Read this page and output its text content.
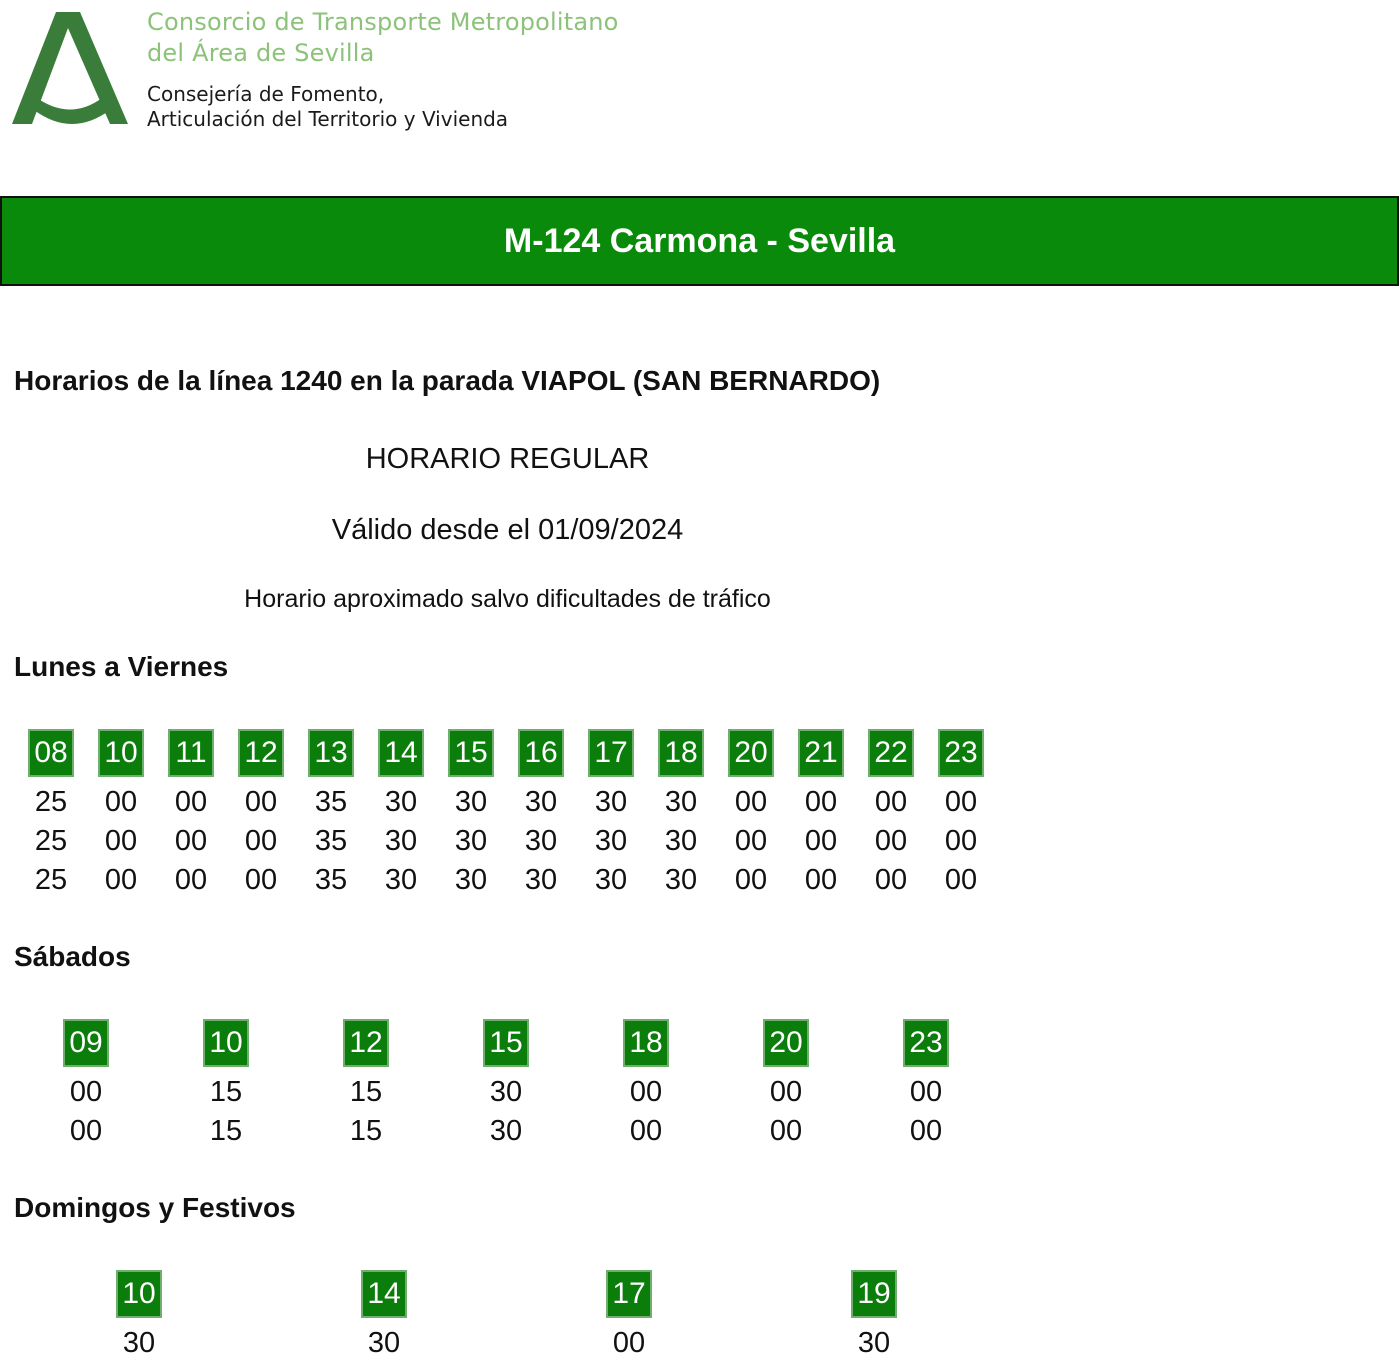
Consorcio de Transporte Metropolitano
del Área de Sevilla
Consejería de Fomento,
Articulación del Territorio y Vivienda
M-124 Carmona - Sevilla
Horarios de la línea 1240 en la parada VIAPOL (SAN BERNARDO)
HORARIO REGULAR
Válido desde el 01/09/2024
Horario aproximado salvo dificultades de tráfico
Lunes a Viernes
08
25
25
25
10
00
00
00
11
00
00
00
12
00
00
00
13
35
35
35
14
30
30
30
15
30
30
30
16
30
30
30
17
30
30
30
18
30
30
30
20
00
00
00
21
00
00
00
22
00
00
00
23
00
00
00
Sábados
09
00
00
10
15
15
12
15
15
15
30
30
18
00
00
20
00
00
23
00
00
Domingos y Festivos
10
30
14
30
17
00
19
30
